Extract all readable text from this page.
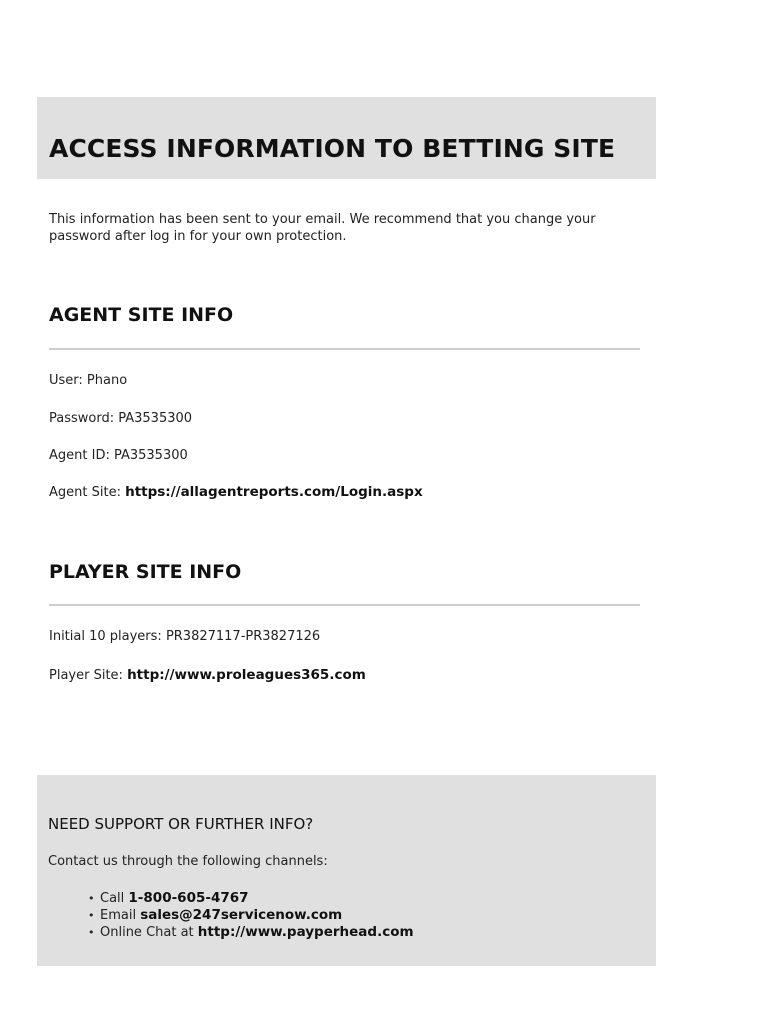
ACCESS INFORMATION TO BETTING SITE

This information has been sent to your email. We recommend that you change your password after log in for your own protection.

AGENT SITE INFO

User: Phano

Password: PA3535300

Agent ID: PA3535300

Agent Site: https://allagentreports.com/Login.aspx

PLAYER SITE INFO

Initial 10 players: PR3827117-PR3827126

Player Site: http://www.proleagues365.com

NEED SUPPORT OR FURTHER INFO?

Contact us through the following channels:

• Call 1-800-605-4767
• Email sales@247servicenow.com
• Online Chat at http://www.payperhead.com
